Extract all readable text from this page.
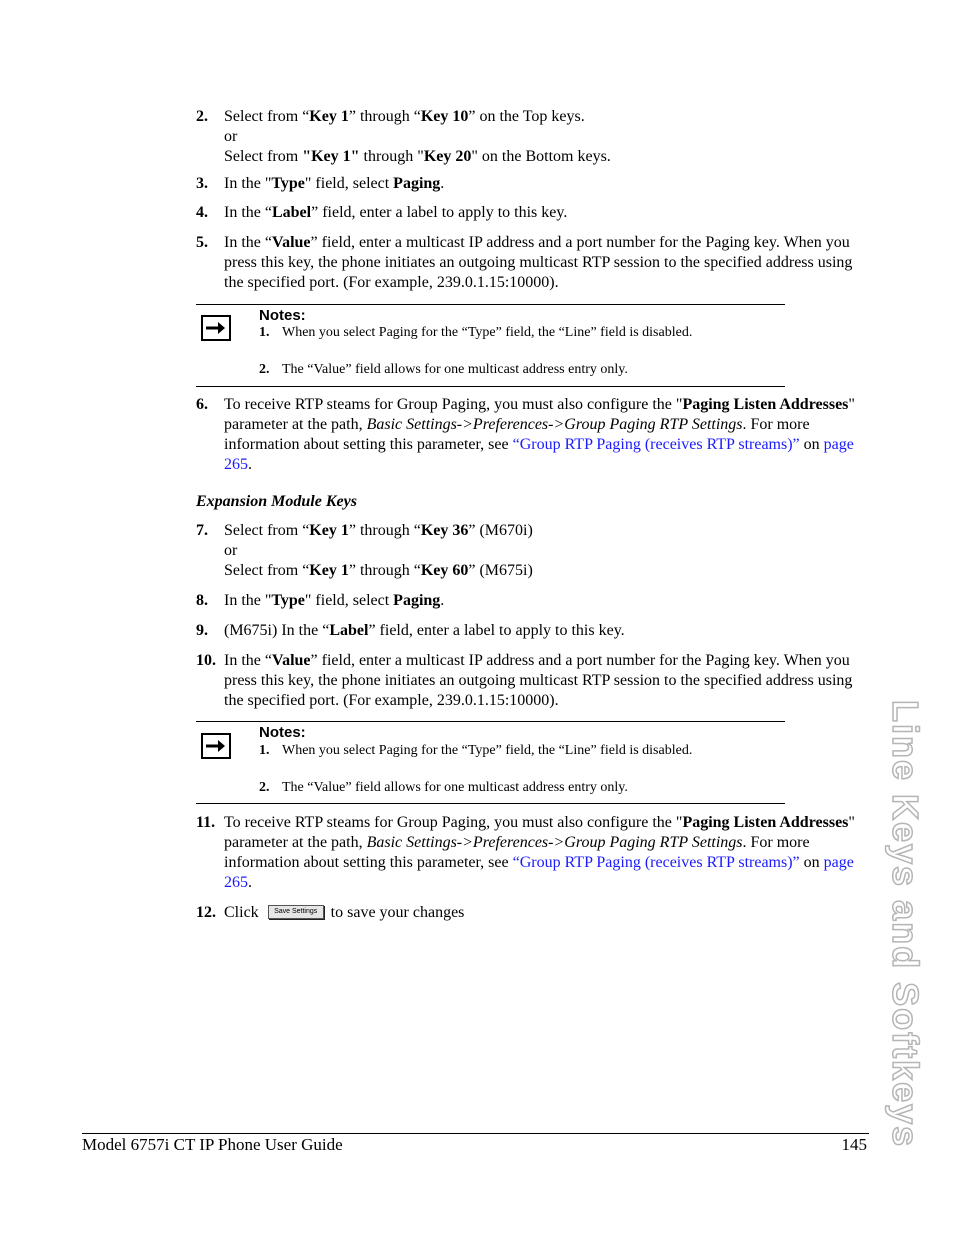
2. Select from “Key 1” through “Key 10” on the Top keys.
or
Select from "Key 1" through "Key 20" on the Bottom keys.
3. In the "Type" field, select Paging.
4. In the “Label” field, enter a label to apply to this key.
5. In the “Value” field, enter a multicast IP address and a port number for the Paging key. When you press this key, the phone initiates an outgoing multicast RTP session to the specified address using the specified port. (For example, 239.0.1.15:10000).
Notes:
1. When you select Paging for the “Type” field, the “Line” field is disabled.
2. The “Value” field allows for one multicast address entry only.
6. To receive RTP steams for Group Paging, you must also configure the "Paging Listen Addresses" parameter at the path, Basic Settings->Preferences->Group Paging RTP Settings. For more information about setting this parameter, see “Group RTP Paging (receives RTP streams)” on page 265.
Expansion Module Keys
7. Select from “Key 1” through “Key 36” (M670i)
or
Select from “Key 1” through “Key 60” (M675i)
8. In the "Type" field, select Paging.
9. (M675i) In the “Label” field, enter a label to apply to this key.
10. In the “Value” field, enter a multicast IP address and a port number for the Paging key. When you press this key, the phone initiates an outgoing multicast RTP session to the specified address using the specified port. (For example, 239.0.1.15:10000).
Notes:
1. When you select Paging for the “Type” field, the “Line” field is disabled.
2. The “Value” field allows for one multicast address entry only.
11. To receive RTP steams for Group Paging, you must also configure the "Paging Listen Addresses" parameter at the path, Basic Settings->Preferences->Group Paging RTP Settings. For more information about setting this parameter, see “Group RTP Paging (receives RTP streams)” on page 265.
12. Click Save Settings to save your changes	Line Keys and Softkeys
Model 6757i CT IP Phone User Guide	145
